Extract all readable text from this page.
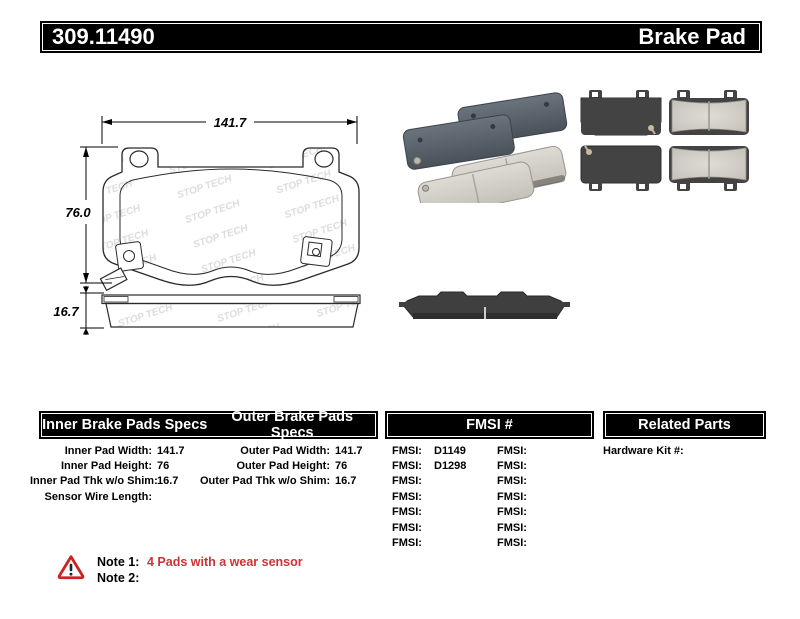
309.11490	Brake Pad
141.7
76.0
16.7
Inner Brake Pads Specs	Outer Brake Pads Specs	FMSI #	Related Parts
Inner Pad Width: 141.7
Inner Pad Height: 76
Inner Pad Thk w/o Shim: 16.7
Sensor Wire Length:
Outer Pad Width: 141.7
Outer Pad Height: 76
Outer Pad Thk w/o Shim: 16.7
FMSI:	D1149
FMSI:	D1298
FMSI:
FMSI:
FMSI:
FMSI:
FMSI:
FMSI:
FMSI:
FMSI:
FMSI:
FMSI:
FMSI:
FMSI:
Hardware Kit #:
Note 1: 4 Pads with a wear sensor
Note 2:
